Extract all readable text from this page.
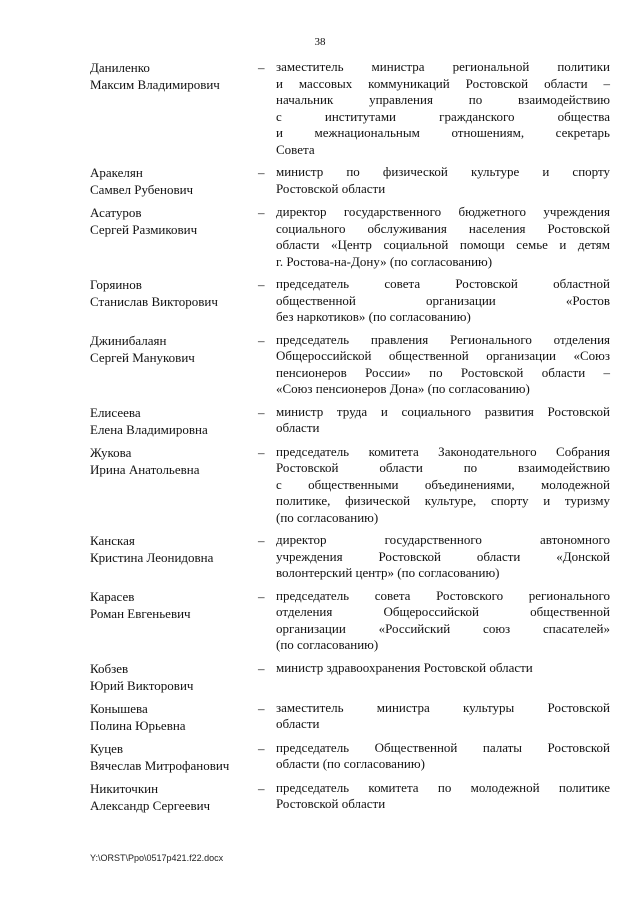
38
Даниленко
Максим Владимирович
– заместитель министра региональной политики
и массовых коммуникаций Ростовской области –
начальник управления по взаимодействию
с институтами гражданского общества
и межнациональным отношениям, секретарь
Совета
Аракелян
Самвел Рубенович
– министр по физической культуре и спорту
Ростовской области
Асатуров
Сергей Размикович
– директор государственного бюджетного учреждения
социального обслуживания населения Ростовской
области «Центр социальной помощи семье и детям
г. Ростова-на-Дону» (по согласованию)
Горяинов
Станислав Викторович
– председатель совета Ростовской областной
общественной организации «Ростов
без наркотиков» (по согласованию)
Джинибалаян
Сергей Манукович
– председатель правления Регионального отделения
Общероссийской общественной организации «Союз
пенсионеров России» по Ростовской области –
«Союз пенсионеров Дона» (по согласованию)
Елисеева
Елена Владимировна
– министр труда и социального развития Ростовской
области
Жукова
Ирина Анатольевна
– председатель комитета Законодательного Собрания
Ростовской области по взаимодействию
с общественными объединениями, молодежной
политике, физической культуре, спорту и туризму
(по согласованию)
Канская
Кристина Леонидовна
– директор государственного автономного
учреждения Ростовской области «Донской
волонтерский центр» (по согласованию)
Карасев
Роман Евгеньевич
– председатель совета Ростовского регионального
отделения Общероссийской общественной
организации «Российский союз спасателей»
(по согласованию)
Кобзев
Юрий Викторович
– министр здравоохранения Ростовской области
Конышева
Полина Юрьевна
– заместитель министра культуры Ростовской
области
Куцев
Вячеслав Митрофанович
– председатель Общественной палаты Ростовской
области (по согласованию)
Никиточкин
Александр Сергеевич
– председатель комитета по молодежной политике
Ростовской области
Y:\ORST\Ppo\0517p421.f22.docx
